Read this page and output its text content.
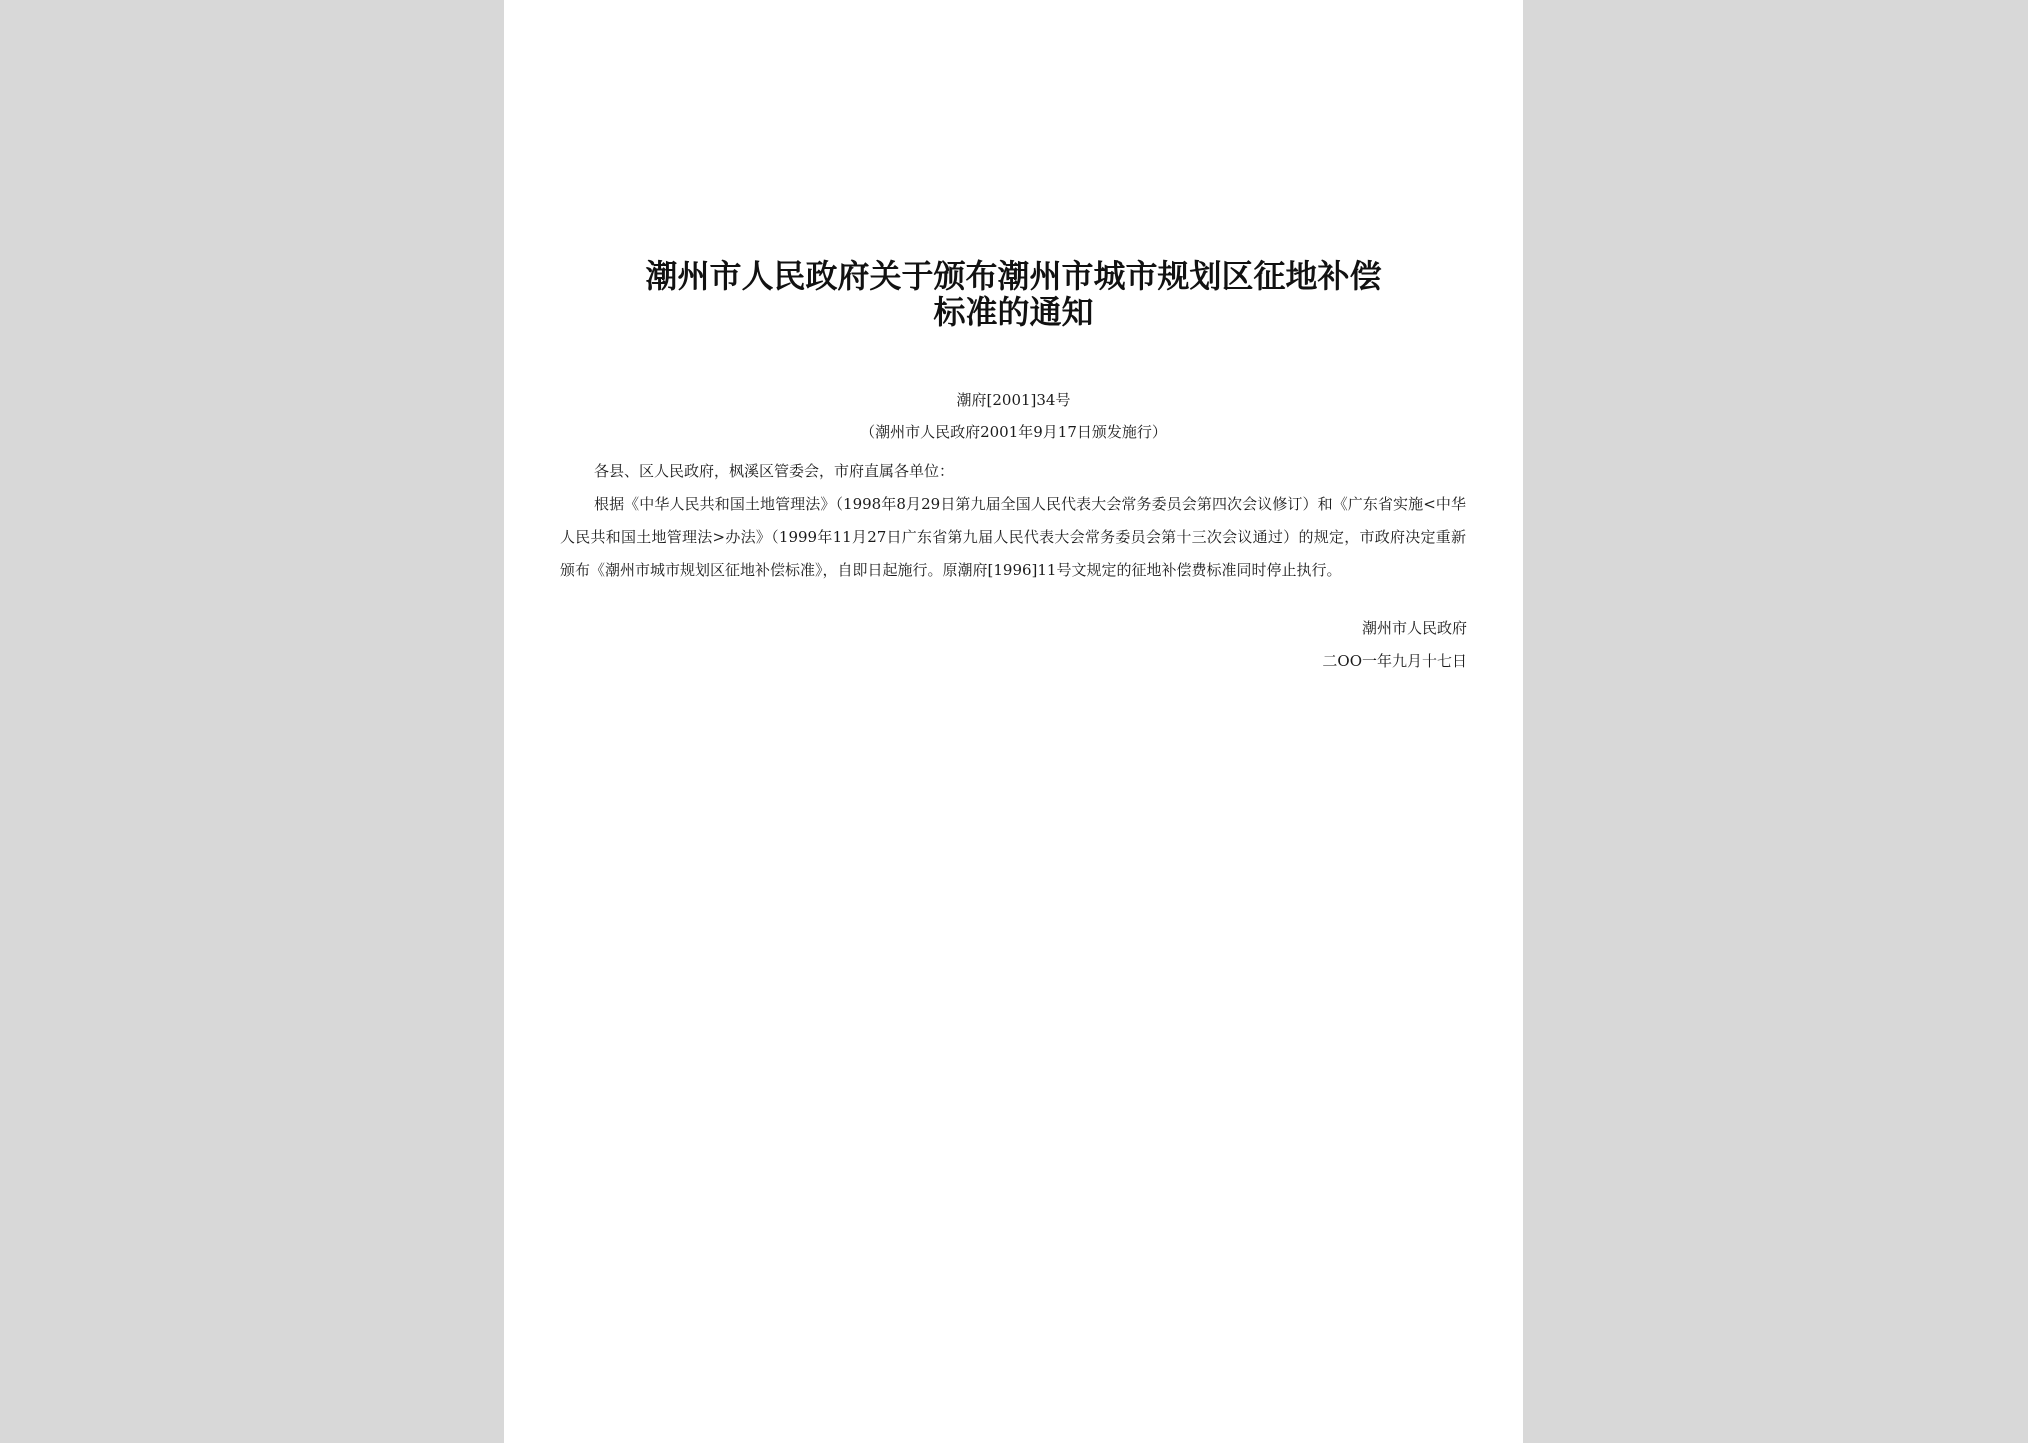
潮州市人民政府关于颁布潮州市城市规划区征地补偿
标准的通知
潮府[2001]34号
（潮州市人民政府2001年9月17日颁发施行）

各县、区人民政府，枫溪区管委会，市府直属各单位：

根据《中华人民共和国土地管理法》（1998年8月29日第九届全国人民代表大会常务委员会第四次会议修订）和《广东省实施<中华人民共和国土地管理法>办法》（1999年11月27日广东省第九届人民代表大会常务委员会第十三次会议通过）的规定，市政府决定重新颁布《潮州市城市规划区征地补偿标准》，自即日起施行。原潮府[1996]11号文规定的征地补偿费标准同时停止执行。

潮州市人民政府
二OO一年九月十七日
